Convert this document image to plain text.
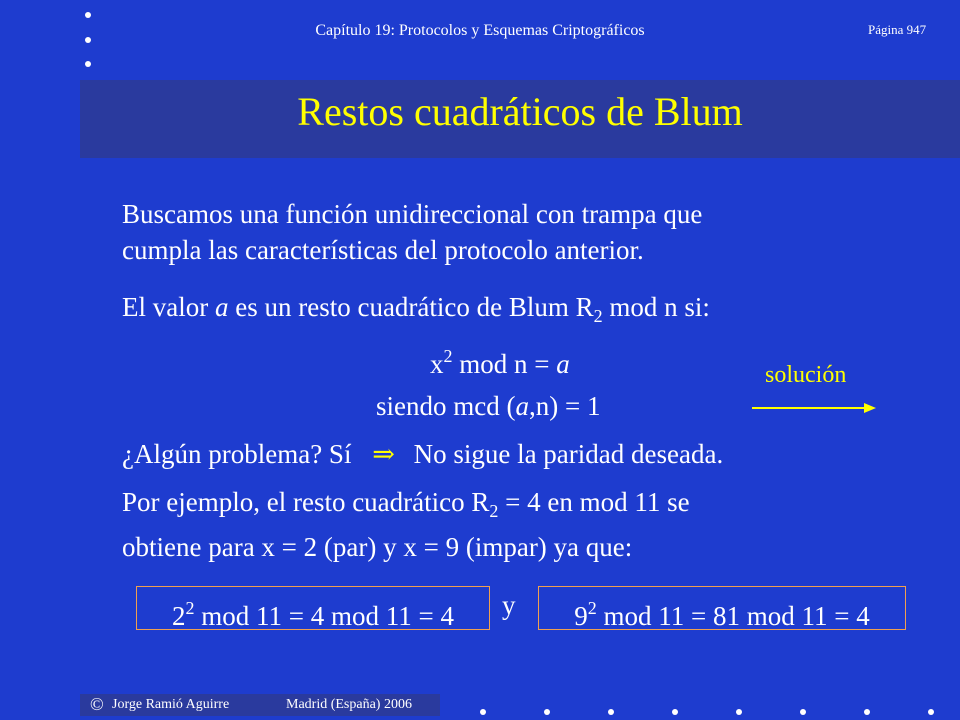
Capítulo 19: Protocolos y Esquemas Criptográficos	Página 947
Restos cuadráticos de Blum
Buscamos una función unidireccional con trampa que
cumpla las características del protocolo anterior.
El valor a es un resto cuadrático de Blum $R_2$ mod n si:
$x^2$ mod n = a
siendo mcd (a,n) = 1
solución
¿Algún problema? Sí ⇒ No sigue la paridad deseada.
Por ejemplo, el resto cuadrático $R_2 = 4$ en mod 11 se
obtiene para x = 2 (par) y x = 9 (impar) ya que:
$2^2$ mod 11 = 4 mod 11 = 4	y	$9^2$ mod 11 = 81 mod 11 = 4
© Jorge Ramió Aguirre	Madrid (España) 2006
